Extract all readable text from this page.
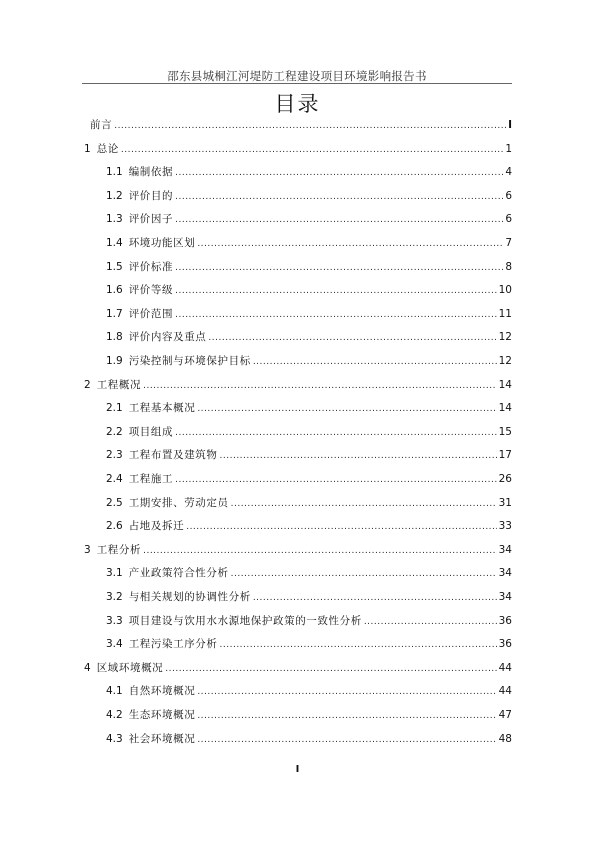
邵东县城桐江河堤防工程建设项目环境影响报告书
目录
前言 .....	I
1 总论 .....	1
1.1 编制依据 .....	4
1.2 评价目的 .....	6
1.3 评价因子 .....	6
1.4 环境功能区划 .....	7
1.5 评价标准 .....	8
1.6 评价等级 .....	10
1.7 评价范围 .....	11
1.8 评价内容及重点 .....	12
1.9 污染控制与环境保护目标 .....	12
2 工程概况 .....	14
2.1 工程基本概况 .....	14
2.2 项目组成 .....	15
2.3 工程布置及建筑物 .....	17
2.4 工程施工 .....	26
2.5 工期安排、劳动定员 .....	31
2.6 占地及拆迁 .....	33
3 工程分析 .....	34
3.1 产业政策符合性分析 .....	34
3.2 与相关规划的协调性分析 .....	34
3.3 项目建设与饮用水水源地保护政策的一致性分析 .....	36
3.4 工程污染工序分析 .....	36
4 区域环境概况 .....	44
4.1 自然环境概况 .....	44
4.2 生态环境概况 .....	47
4.3 社会环境概况 .....	48
I
